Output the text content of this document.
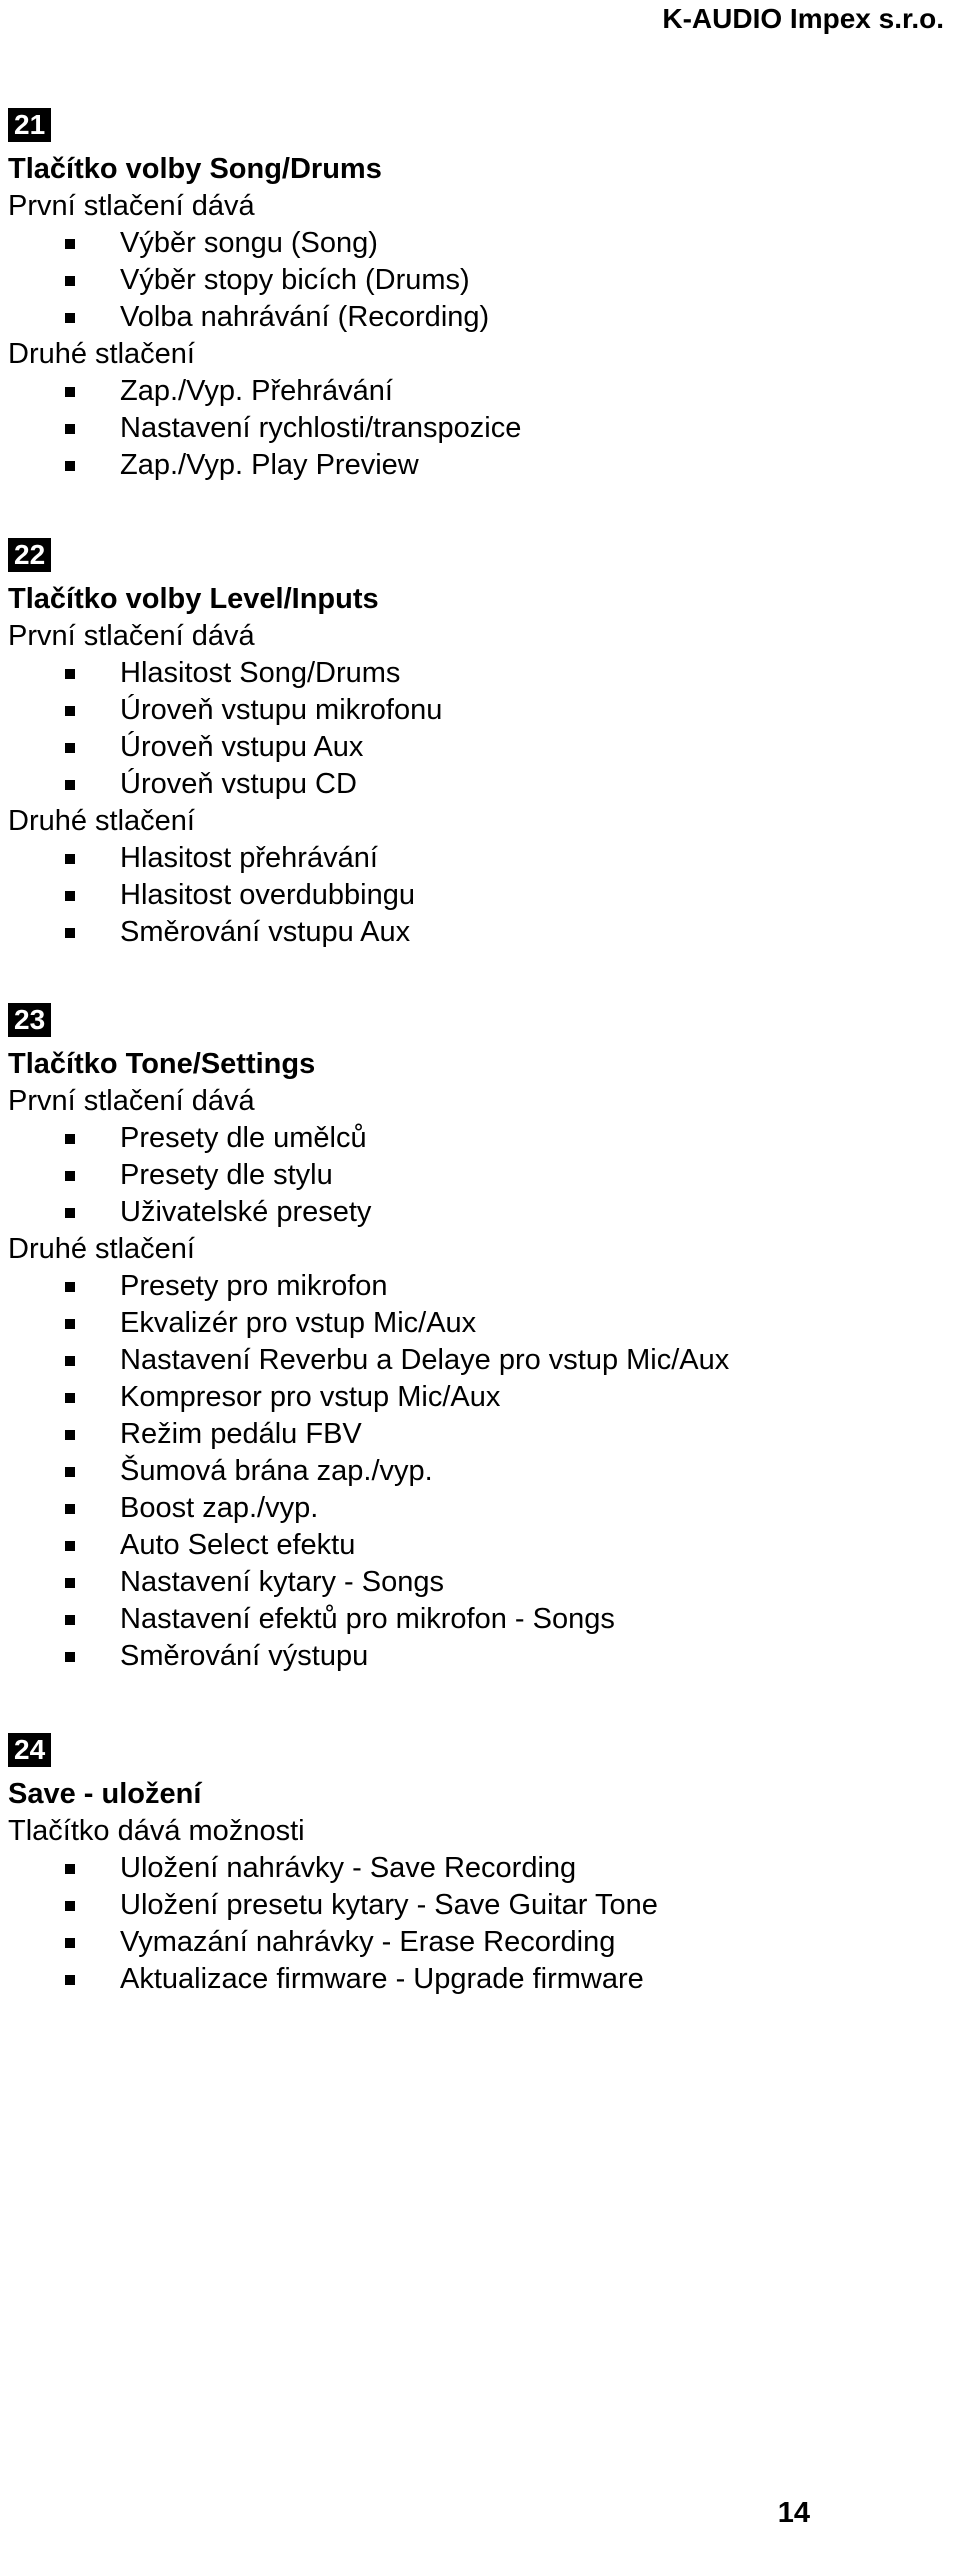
K-AUDIO Impex s.r.o.
21
Tlačítko volby Song/Drums
První stlačení dává
Výběr songu (Song)
Výběr stopy bicích (Drums)
Volba nahrávání (Recording)
Druhé stlačení
Zap./Vyp. Přehrávání
Nastavení rychlosti/transpozice
Zap./Vyp. Play Preview
22
Tlačítko volby Level/Inputs
První stlačení dává
Hlasitost Song/Drums
Úroveň vstupu mikrofonu
Úroveň vstupu Aux
Úroveň vstupu CD
Druhé stlačení
Hlasitost přehrávání
Hlasitost overdubbingu
Směrování vstupu Aux
23
Tlačítko Tone/Settings
První stlačení dává
Presety dle umělců
Presety dle stylu
Uživatelské presety
Druhé stlačení
Presety pro mikrofon
Ekvalizér pro vstup Mic/Aux
Nastavení Reverbu a Delaye pro vstup Mic/Aux
Kompresor pro vstup Mic/Aux
Režim pedálu FBV
Šumová brána zap./vyp.
Boost zap./vyp.
Auto Select efektu
Nastavení kytary - Songs
Nastavení efektů pro mikrofon - Songs
Směrování výstupu
24
Save - uložení
Tlačítko dává možnosti
Uložení nahrávky - Save Recording
Uložení presetu kytary - Save Guitar Tone
Vymazání nahrávky - Erase Recording
Aktualizace firmware - Upgrade firmware
14
